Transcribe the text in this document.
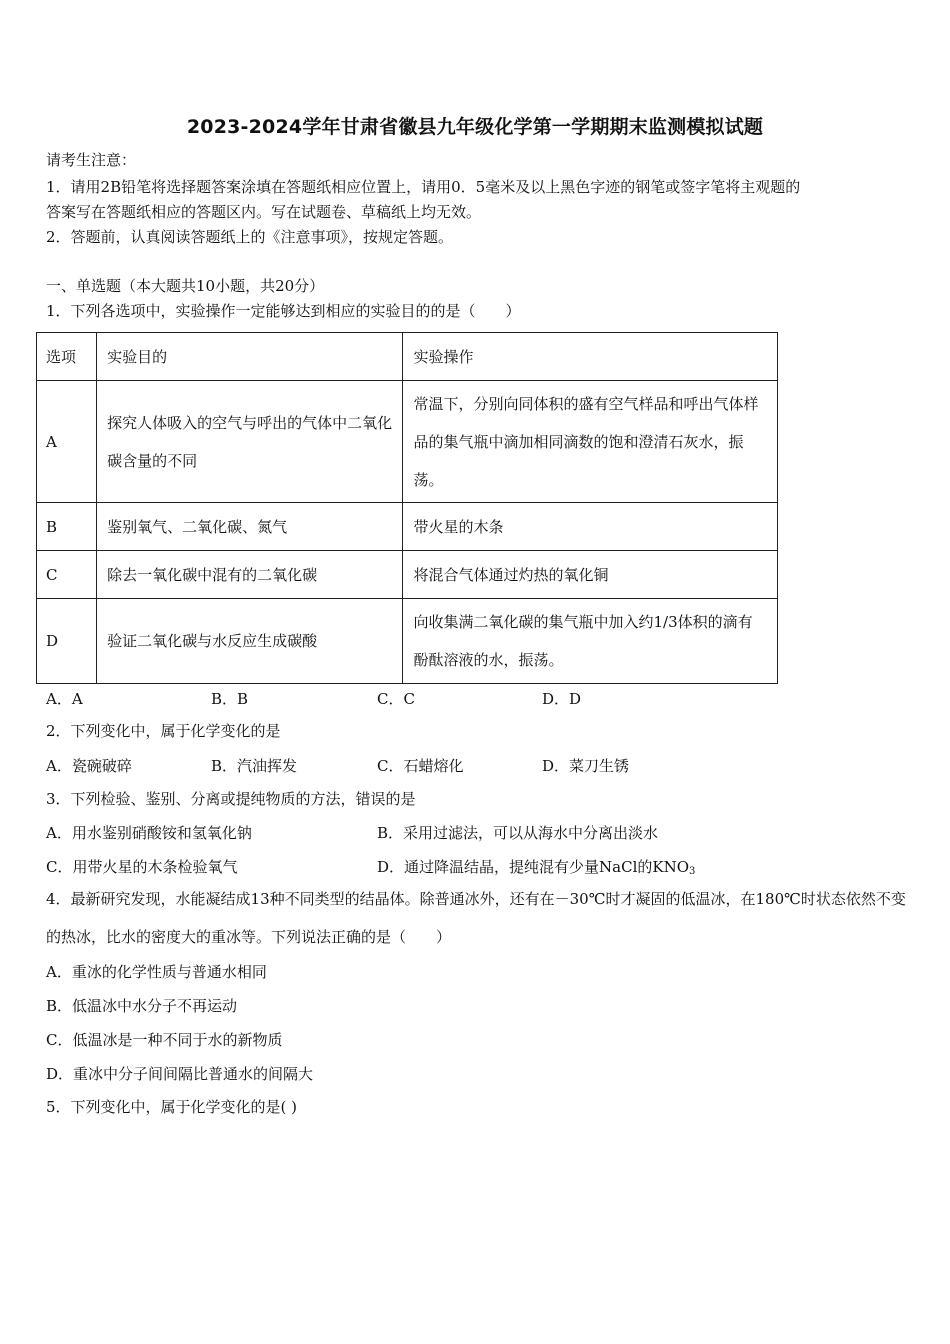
2023-2024学年甘肃省徽县九年级化学第一学期期末监测模拟试题
请考生注意：
1．请用2B铅笔将选择题答案涂填在答题纸相应位置上，请用0．5毫米及以上黑色字迹的钢笔或签字笔将主观题的
答案写在答题纸相应的答题区内。写在试题卷、草稿纸上均无效。
2．答题前，认真阅读答题纸上的《注意事项》，按规定答题。
一、单选题（本大题共10小题，共20分）
1．下列各选项中，实验操作一定能够达到相应的实验目的的是（　　）
选项	实验目的	实验操作
A	探究人体吸入的空气与呼出的气体中二氧化碳含量的不同	常温下，分别向同体积的盛有空气样品和呼出气体样品的集气瓶中滴加相同滴数的饱和澄清石灰水，振荡。

B	鉴别氧气、二氧化碳、氮气	带火星的木条

C	除去一氧化碳中混有的二氧化碳	将混合气体通过灼热的氧化铜

D	验证二氧化碳与水反应生成碳酸	向收集满二氧化碳的集气瓶中加入约1/3体积的滴有酚酞溶液的水，振荡。
A．A	B．B	C．C	D．D
2．下列变化中，属于化学变化的是
A．瓷碗破碎	B．汽油挥发	C．石蜡熔化	D．菜刀生锈
3．下列检验、鉴别、分离或提纯物质的方法，错误的是
A．用水鉴别硝酸铵和氢氧化钠	B．采用过滤法，可以从海水中分离出淡水
C．用带火星的木条检验氧气	D．通过降温结晶，提纯混有少量NaCl的$KNO_3$
4．最新研究发现，水能凝结成13种不同类型的结晶体。除普通冰外，还有在－30℃时才凝固的低温冰，在180℃时状态依然不变的热冰，比水的密度大的重冰等。下列说法正确的是（　　）
A．重冰的化学性质与普通水相同
B．低温冰中水分子不再运动
C．低温冰是一种不同于水的新物质
D．重冰中分子间间隔比普通水的间隔大
5．下列变化中，属于化学变化的是( )
